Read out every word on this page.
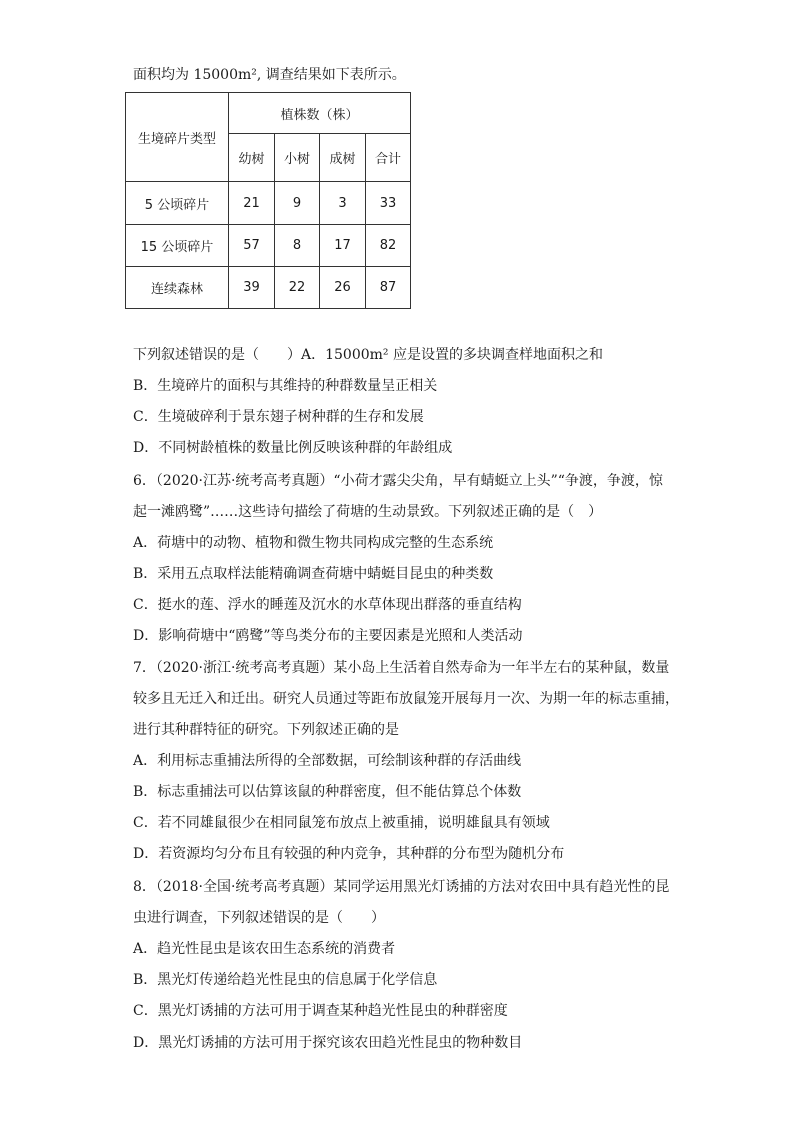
面积均为 15000m², 调查结果如下表所示。
生境碎片类型	植株数（株）			
	幼树	小树	成树	合计
5 公顷碎片	21	9	3	33
15 公顷碎片	57	8	17	82
连续森林	39	22	26	87
下列叙述错误的是（　　）A．15000m² 应是设置的多块调查样地面积之和
B．生境碎片的面积与其维持的种群数量呈正相关
C．生境破碎利于景东翅子树种群的生存和发展
D．不同树龄植株的数量比例反映该种群的年龄组成
6．（2020·江苏·统考高考真题）“小荷才露尖尖角，早有蜻蜓立上头”“争渡，争渡，惊
起一滩鸥鹭”……这些诗句描绘了荷塘的生动景致。下列叙述正确的是（　）
A．荷塘中的动物、植物和微生物共同构成完整的生态系统
B．采用五点取样法能精确调查荷塘中蜻蜓目昆虫的种类数
C．挺水的莲、浮水的睡莲及沉水的水草体现出群落的垂直结构
D．影响荷塘中“鸥鹭”等鸟类分布的主要因素是光照和人类活动
7．（2020·浙江·统考高考真题）某小岛上生活着自然寿命为一年半左右的某种鼠，数量
较多且无迁入和迁出。研究人员通过等距布放鼠笼开展每月一次、为期一年的标志重捕，
进行其种群特征的研究。下列叙述正确的是
A．利用标志重捕法所得的全部数据，可绘制该种群的存活曲线
B．标志重捕法可以估算该鼠的种群密度，但不能估算总个体数
C．若不同雄鼠很少在相同鼠笼布放点上被重捕，说明雄鼠具有领域
D．若资源均匀分布且有较强的种内竞争，其种群的分布型为随机分布
8．（2018·全国·统考高考真题）某同学运用黑光灯诱捕的方法对农田中具有趋光性的昆
虫进行调查，下列叙述错误的是（　　）
A．趋光性昆虫是该农田生态系统的消费者
B．黑光灯传递给趋光性昆虫的信息属于化学信息
C．黑光灯诱捕的方法可用于调查某种趋光性昆虫的种群密度
D．黑光灯诱捕的方法可用于探究该农田趋光性昆虫的物种数目
